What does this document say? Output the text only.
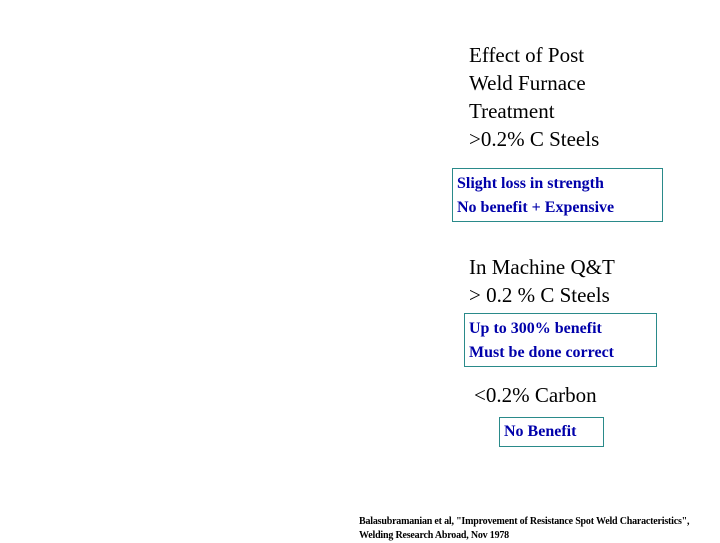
Effect of Post
Weld Furnace
Treatment
>0.2% C Steels
Slight loss in strength
No benefit + Expensive
In Machine Q&T
> 0.2 % C Steels
Up to 300% benefit
Must be done correct
<0.2% Carbon
No Benefit
Balasubramanian et al, "Improvement of Resistance Spot Weld Characteristics",
Welding Research Abroad, Nov 1978
